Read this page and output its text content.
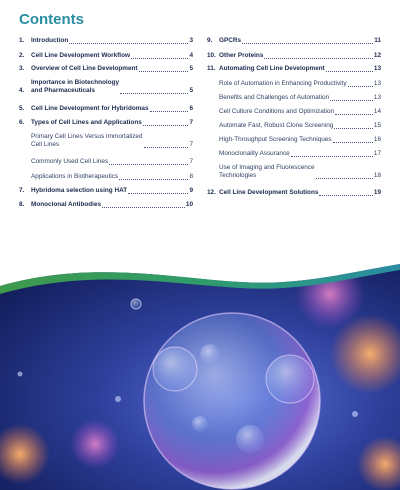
Contents
1.	Introduction	3
2.	Cell Line Development Workflow	4
3.	Overview of Cell Line Development	5
4.
Importance in Biotechnology
and Pharmaceuticals	5
5.	Cell Line Development for Hybridomas	6
6.	Types of Cell Lines and Applications	7
Primary Cell Lines Versus Immortalized
Cell Lines	7
Commonly Used Cell Lines	7
Applications in Biotherapeutics	8
7.	Hybridoma selection using HAT	9
8.	Monoclonal Antibodies	10
9.	GPCRs	11
10. Other Proteins	12
11. Automating Cell Line Development	13
Role of Automation in Enhancing Productivity	13
Benefits and Challenges of Automation	13
Cell Culture Conditions and Optimization	14
Automate Fast, Robust Clone Screening	15
High-Throughput Screening Techniques	16
Monoclonality Assurance	17
Use of Imaging and Fluorescence
Technologies	18
12. Cell Line Development Solutions	19
